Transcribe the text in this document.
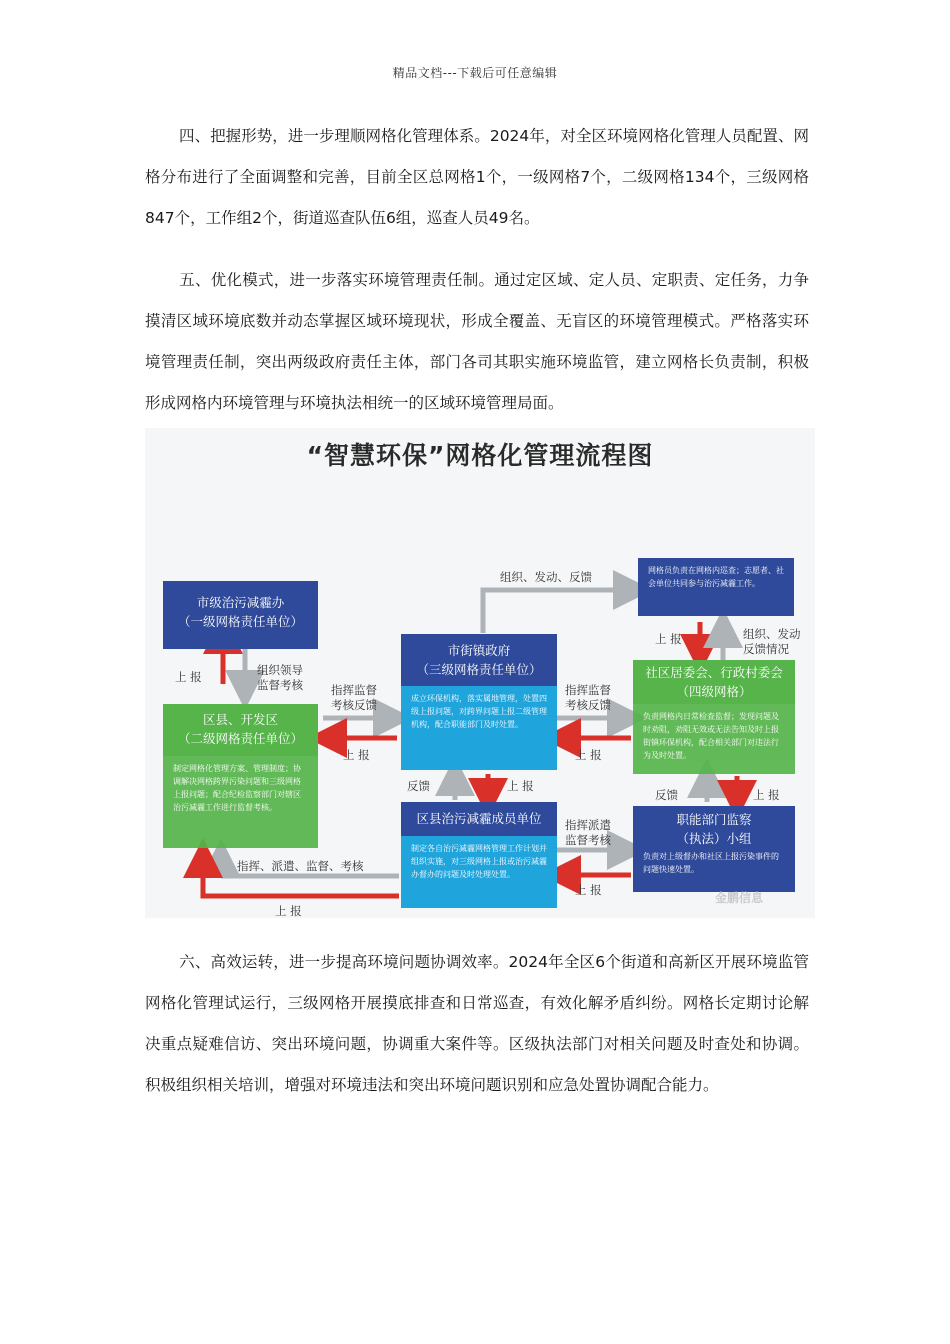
精品文档---下载后可任意编辑

四、把握形势，进一步理顺网格化管理体系。2024年，对全区环境网格化管理人员配置、网格分布进行了全面调整和完善，目前全区总网格1个，一级网格7个，二级网格134个，三级网格847个，工作组2个，街道巡查队伍6组，巡查人员49名。

五、优化模式，进一步落实环境管理责任制。通过定区域、定人员、定职责、定任务，力争摸清区域环境底数并动态掌握区域环境现状，形成全覆盖、无盲区的环境管理模式。严格落实环境管理责任制，突出两级政府责任主体，部门各司其职实施环境监管，建立网格长负责制，积极形成网格内环境管理与环境执法相统一的区域环境管理局面。

“智慧环保”网格化管理流程图
市级治污减霾办
（一级网格责任单位）
区县、开发区
（二级网格责任单位）
制定网格化管理方案、管理制度；协调解决网格跨界污染问题和三级网格上报问题；配合纪检监察部门对辖区治污减霾工作进行监督考核。
市街镇政府
（三级网格责任单位）
成立环保机构，落实属地管理，处置四级上报问题，对跨界问题上报二级管理机构，配合职能部门及时处置。
区县治污减霾成员单位
制定各自治污减霾网格管理工作计划并组织实施，对三级网格上报或治污减霾办督办的问题及时处理处置。
网格员负责在网格内巡查；志愿者、社会单位共同参与治污减霾工作。
社区居委会、行政村委会
（四级网格）
负责网格内日常检查监督；发现问题及时劝阻，劝阻无效或无法告知及时上报街镇环保机构，配合相关部门对违法行为及时处置。
职能部门监察
（执法）小组
负责对上级督办和社区上报污染事件的问题快速处置。
上 报	组织领导
监督考核 指挥监督
考核反馈
上 报
组织、发动、反馈
指挥监督
考核反馈
上 报
上 报	组织、发动
反馈情况
反馈	上 报
反馈	上 报
指挥派遣
监督考核
上 报
指挥、派遣、监督、考核
上 报
金鹏信息

六、高效运转，进一步提高环境问题协调效率。2024年全区6个街道和高新区开展环境监管网格化管理试运行，三级网格开展摸底排查和日常巡查，有效化解矛盾纠纷。网格长定期讨论解决重点疑难信访、突出环境问题，协调重大案件等。区级执法部门对相关问题及时查处和协调。积极组织相关培训，增强对环境违法和突出环境问题识别和应急处置协调配合能力。
